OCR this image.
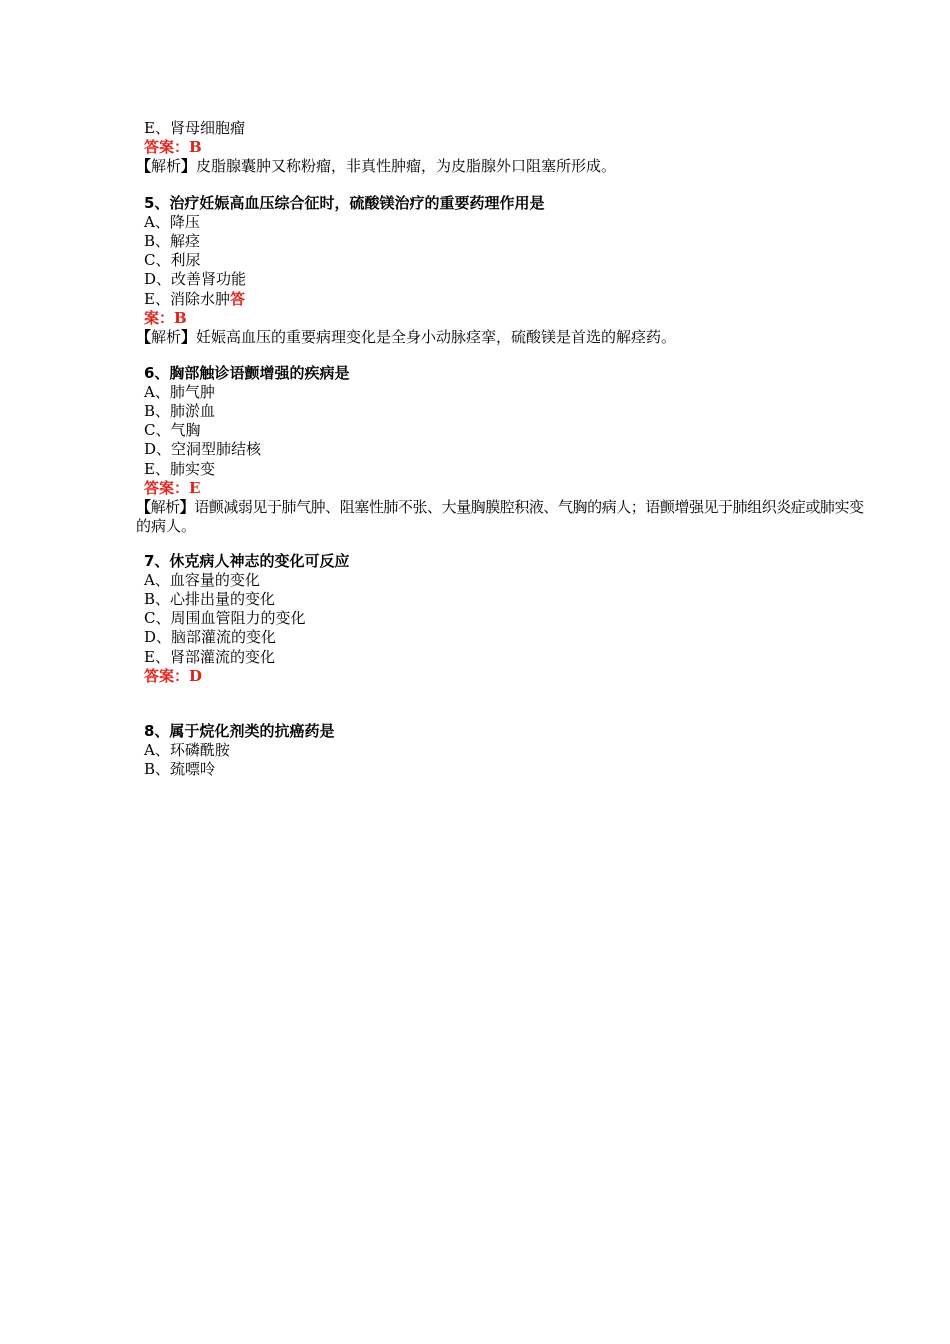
E、肾母细胞瘤
答案：B
【解析】皮脂腺囊肿又称粉瘤，非真性肿瘤，为皮脂腺外口阻塞所形成。
5、治疗妊娠高血压综合征时，硫酸镁治疗的重要药理作用是
A、降压
B、解痉
C、利尿
D、改善肾功能
E、消除水肿答
案：B
【解析】妊娠高血压的重要病理变化是全身小动脉痉挛，硫酸镁是首选的解痉药。
6、胸部触诊语颤增强的疾病是
A、肺气肿
B、肺淤血
C、气胸
D、空洞型肺结核
E、肺实变
答案：E
【解析】语颤减弱见于肺气肿、阻塞性肺不张、大量胸膜腔积液、气胸的病人；语颤增强见于肺组织炎症或肺实变
的病人。
7、休克病人神志的变化可反应
A、血容量的变化
B、心排出量的变化
C、周围血管阻力的变化
D、脑部灌流的变化
E、肾部灌流的变化
答案：D
8、属于烷化剂类的抗癌药是
A、环磷酰胺
B、巯嘌呤
